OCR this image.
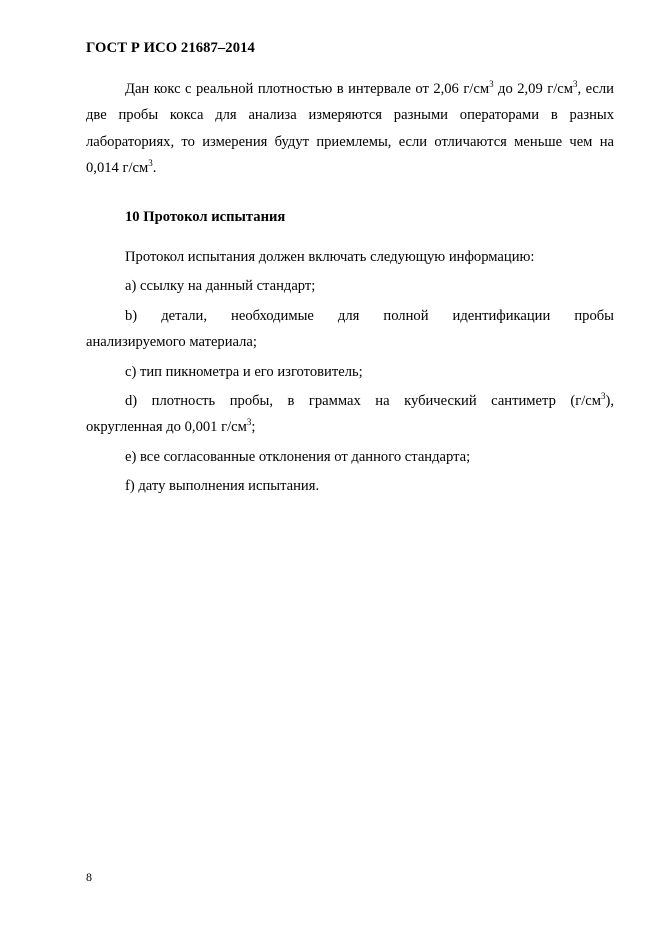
ГОСТ Р ИСО 21687–2014

Дан кокс с реальной плотностью в интервале от 2,06 $г/см^3$ до 2,09 $г/см^3$, если две пробы кокса для анализа измеряются разными операторами в разных лабораториях, то измерения будут приемлемы, если отличаются меньше чем на 0,014 $г/см^3$.

10 Протокол испытания

Протокол испытания должен включать следующую информацию:

a) ссылку на данный стандарт;

b) детали, необходимые для полной идентификации пробы
анализируемого материала;

c) тип пикнометра и его изготовитель;

d) плотность пробы, в граммах на кубический сантиметр $(г/см^3)$,
округленная до 0,001 $г/см^3$;

e) все согласованные отклонения от данного стандарта;

f) дату выполнения испытания.

8
